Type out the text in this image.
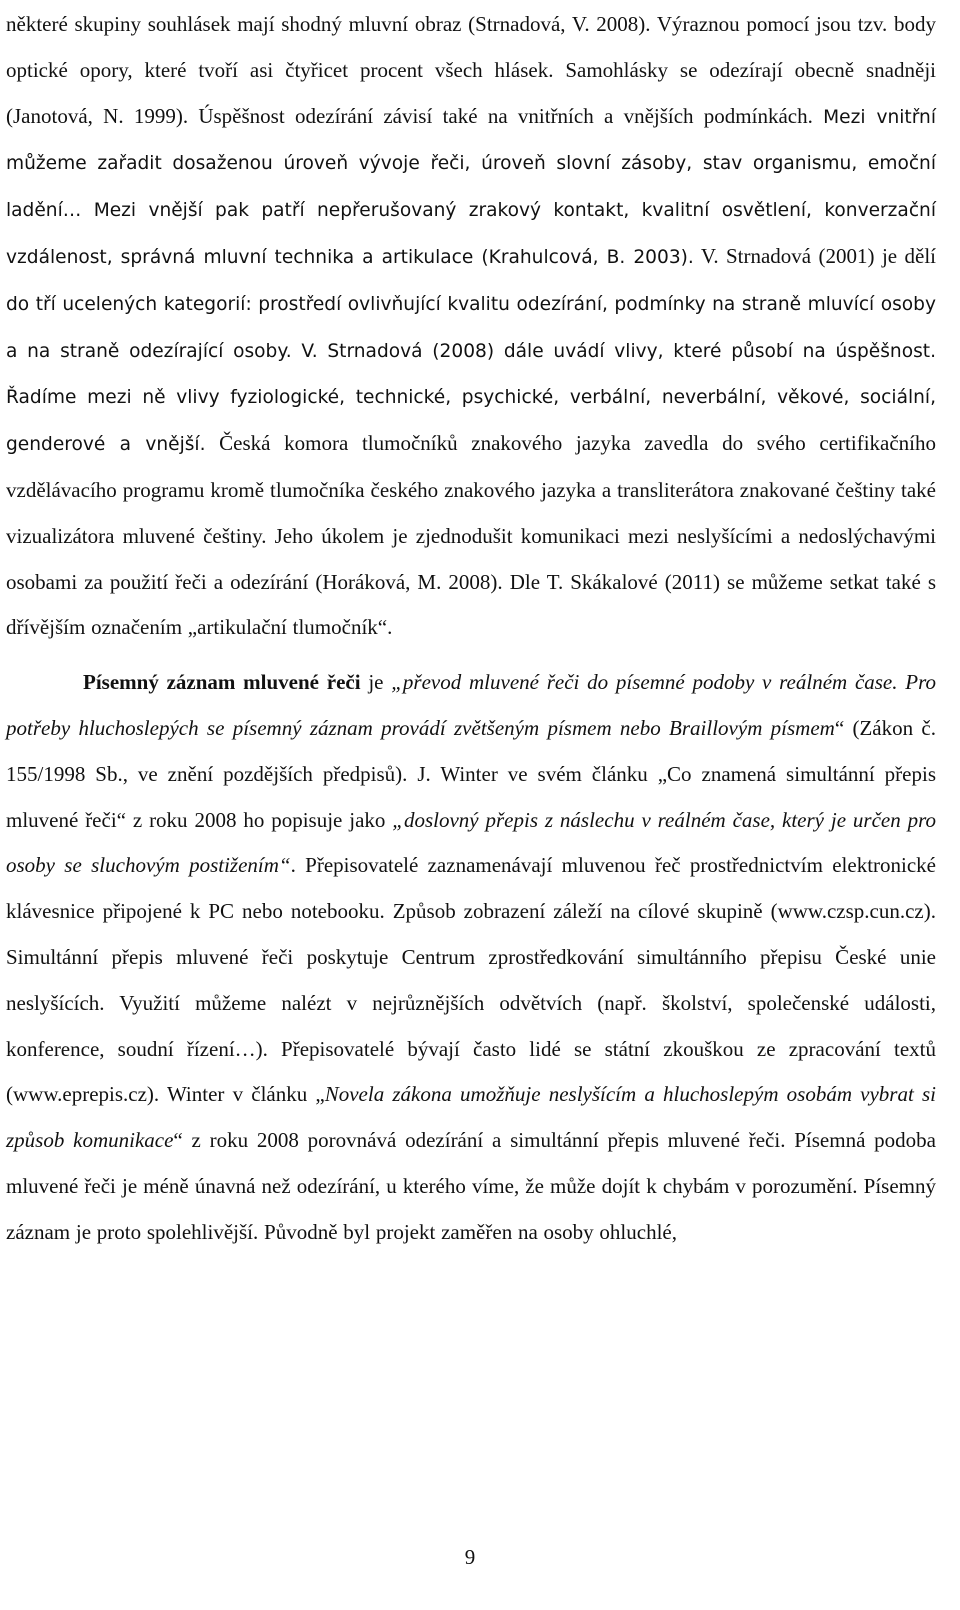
některé skupiny souhlásek mají shodný mluvní obraz (Strnadová, V. 2008). Výraznou pomocí jsou tzv. body optické opory, které tvoří asi čtyřicet procent všech hlásek. Samohlásky se odezírají obecně snadněji (Janotová, N. 1999). Úspěšnost odezírání závisí také na vnitřních a vnějších podmínkách. Mezi vnitřní můžeme zařadit dosaženou úroveň vývoje řeči, úroveň slovní zásoby, stav organismu, emoční ladění… Mezi vnější pak patří nepřerušovaný zrakový kontakt, kvalitní osvětlení, konverzační vzdálenost, správná mluvní technika a artikulace (Krahulcová, B. 2003). V. Strnadová (2001) je dělí do tří ucelených kategorií: prostředí ovlivňující kvalitu odezírání, podmínky na straně mluvící osoby a na straně odezírající osoby. V. Strnadová (2008) dále uvádí vlivy, které působí na úspěšnost. Řadíme mezi ně vlivy fyziologické, technické, psychické, verbální, neverbální, věkové, sociální, genderové a vnější. Česká komora tlumočníků znakového jazyka zavedla do svého certifikačního vzdělávacího programu kromě tlumočníka českého znakového jazyka a transliterátora znakované češtiny také vizualizátora mluvené češtiny. Jeho úkolem je zjednodušit komunikaci mezi neslyšícími a nedoslýchavými osobami za použití řeči a odezírání (Horáková, M. 2008). Dle T. Skákalové (2011) se můžeme setkat také s dřívějším označením „artikulační tlumočník“.

Písemný záznam mluvené řeči je „převod mluvené řeči do písemné podoby v reálném čase. Pro potřeby hluchoslepých se písemný záznam provádí zvětšeným písmem nebo Braillovým písmem“ (Zákon č. 155/1998 Sb., ve znění pozdějších předpisů). J. Winter ve svém článku „Co znamená simultánní přepis mluvené řeči“ z roku 2008 ho popisuje jako „doslovný přepis z náslechu v reálném čase, který je určen pro osoby se sluchovým postižením“. Přepisovatelé zaznamenávají mluvenou řeč prostřednictvím elektronické klávesnice připojené k PC nebo notebooku. Způsob zobrazení záleží na cílové skupině (www.czsp.cun.cz). Simultánní přepis mluvené řeči poskytuje Centrum zprostředkování simultánního přepisu České unie neslyšících. Využití můžeme nalézt v nejrůznějších odvětvích (např. školství, společenské události, konference, soudní řízení…). Přepisovatelé bývají často lidé se státní zkouškou ze zpracování textů (www.eprepis.cz). Winter v článku „Novela zákona umožňuje neslyšícím a hluchoslepým osobám vybrat si způsob komunikace“ z roku 2008 porovnává odezírání a simultánní přepis mluvené řeči. Písemná podoba mluvené řeči je méně únavná než odezírání, u kterého víme, že může dojít k chybám v porozumění. Písemný záznam je proto spolehlivější. Původně byl projekt zaměřen na osoby ohluchlé,

9
